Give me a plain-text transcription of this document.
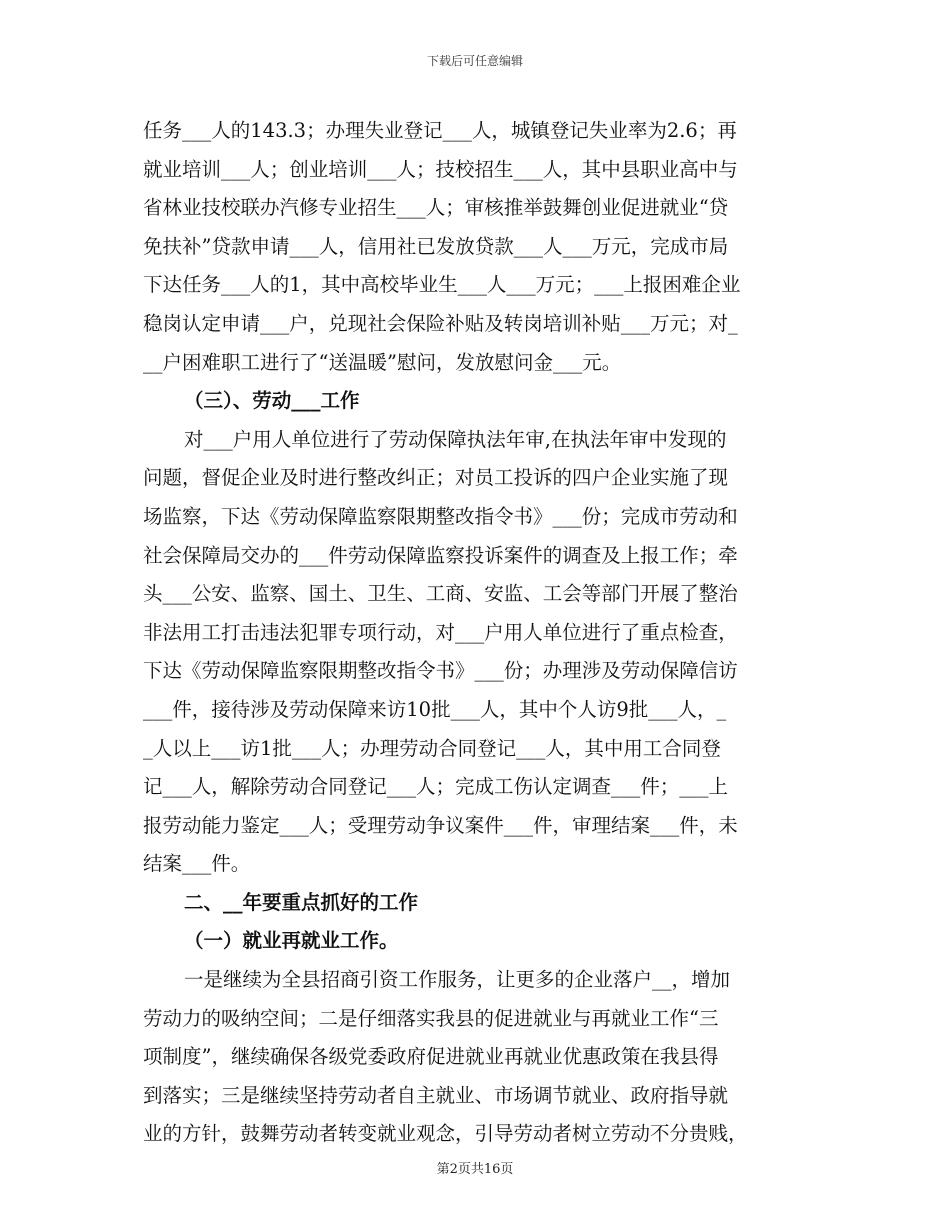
下载后可任意编辑
任务___人的143.3；办理失业登记___人，城镇登记失业率为2.6；再
就业培训___人；创业培训___人；技校招生___人，其中县职业高中与
省林业技校联办汽修专业招生___人；审核推举鼓舞创业促进就业“贷
免扶补”贷款申请___人，信用社已发放贷款___人___万元，完成市局
下达任务___人的1，其中高校毕业生___人___万元；___上报困难企业
稳岗认定申请___户，兑现社会保险补贴及转岗培训补贴___万元；对_
__户困难职工进行了“送温暖”慰问，发放慰问金___元。
（三）、劳动___工作
对___户用人单位进行了劳动保障执法年审,在执法年审中发现的
问题，督促企业及时进行整改纠正；对员工投诉的四户企业实施了现
场监察，下达《劳动保障监察限期整改指令书》___份；完成市劳动和
社会保障局交办的___件劳动保障监察投诉案件的调查及上报工作；牵
头___公安、监察、国土、卫生、工商、安监、工会等部门开展了整治
非法用工打击违法犯罪专项行动，对___户用人单位进行了重点检查，
下达《劳动保障监察限期整改指令书》___份；办理涉及劳动保障信访
___件，接待涉及劳动保障来访10批___人，其中个人访9批___人，_
_人以上___访1批___人；办理劳动合同登记___人，其中用工合同登
记___人，解除劳动合同登记___人；完成工伤认定调查___件；___上
报劳动能力鉴定___人；受理劳动争议案件___件，审理结案___件，未
结案___件。
二、__年要重点抓好的工作
（一）就业再就业工作。
一是继续为全县招商引资工作服务，让更多的企业落户__，增加
劳动力的吸纳空间；二是仔细落实我县的促进就业与再就业工作“三
项制度”，继续确保各级党委政府促进就业再就业优惠政策在我县得
到落实；三是继续坚持劳动者自主就业、市场调节就业、政府指导就
业的方针，鼓舞劳动者转变就业观念，引导劳动者树立劳动不分贵贱，
第2页共16页
